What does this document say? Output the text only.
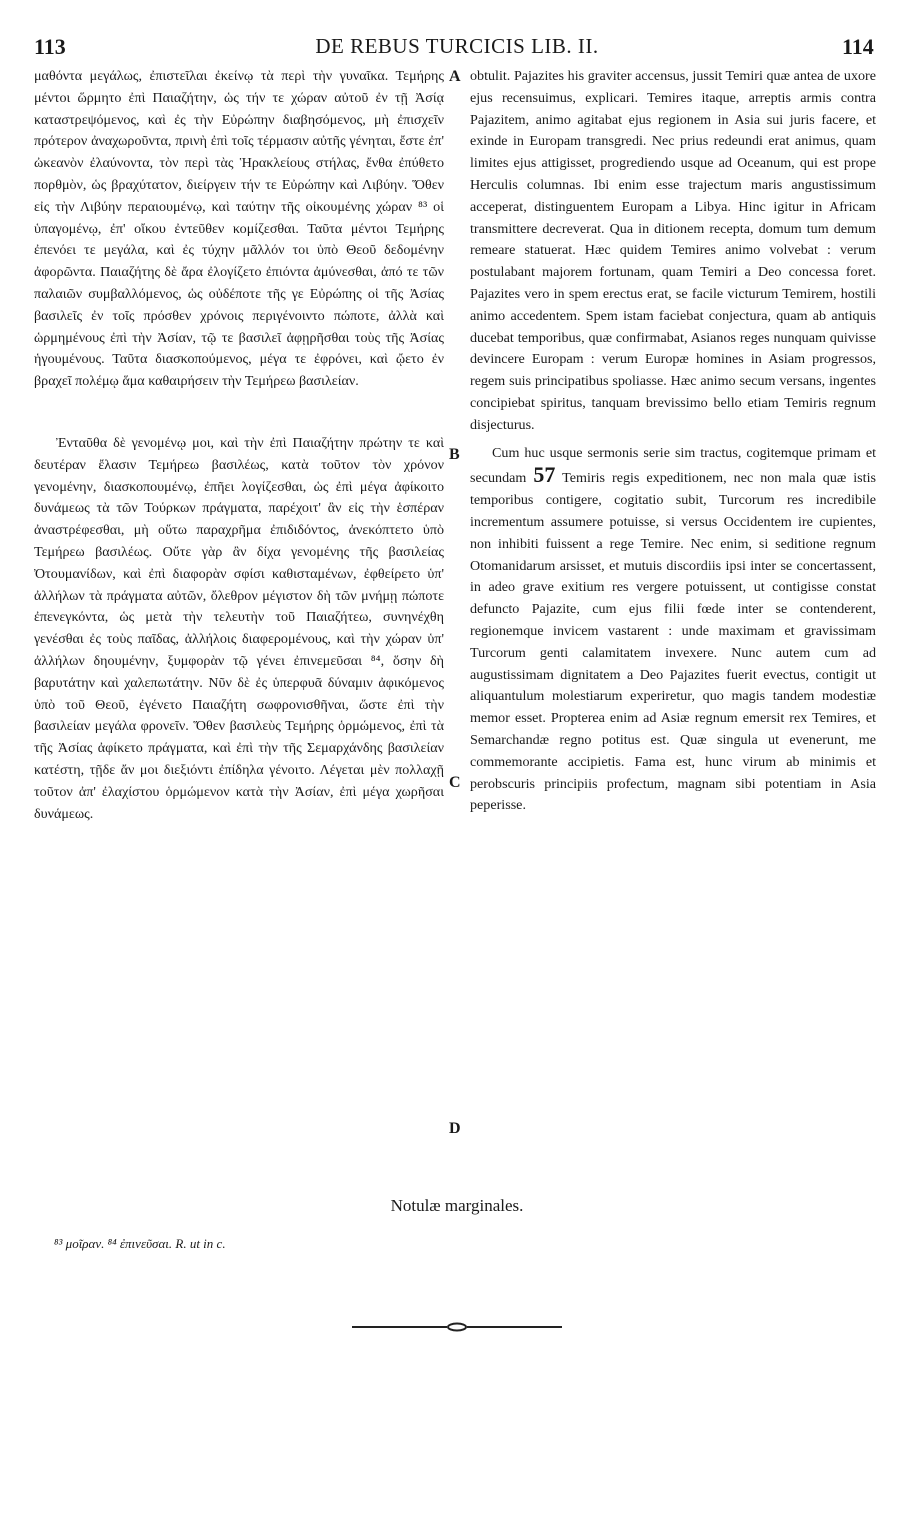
113	DE REBUS TURCICIS LIB. II.	114

μαθόντα μεγάλως, ἐπιστεῖλαι ἐκείνῳ τὰ περὶ τὴν γυναῖκα. Τεμήρης μέντοι ὥρμητο ἐπὶ Παιαζήτην, ὡς τήν τε χώραν αὐτοῦ ἐν τῇ Ἀσίᾳ καταστρεψόμενος, καὶ ἐς τὴν Εὐρώπην διαβησόμενος, μὴ ἐπισχεῖν πρότερον ἀναχωροῦντα, πρινὴ ἐπὶ τοῖς τέρμασιν αὐτῆς γένηται, ἔστε ἐπ' ὠκεανὸν ἐλαύνοντα, τὸν περὶ τὰς Ἡρακλείους στήλας, ἔνθα ἐπύθετο πορθμὸν, ὡς βραχύτατον, διείργειν τήν τε Εὐρώπην καὶ Λιβύην. Ὅθεν εἰς τὴν Λιβύην περαιουμένῳ, καὶ ταύτην τῆς οἰκουμένης χώραν ⁸³ οἱ ὑπαγομένῳ, ἐπ' οἴκου ἐντεῦθεν κομίζεσθαι. Ταῦτα μέντοι Τεμήρης ἐπενόει τε μεγάλα, καὶ ἐς τύχην μᾶλλόν τοι ὑπὸ Θεοῦ δεδομένην ἀφορῶντα. Παιαζήτης δὲ ἄρα ἐλογίζετο ἐπιόντα ἀμύνεσθαι, ἀπό τε τῶν παλαιῶν συμβαλλόμενος, ὡς οὐδέποτε τῆς γε Εὐρώπης οἱ τῆς Ἀσίας βασιλεῖς ἐν τοῖς πρόσθεν χρόνοις περιγένοιντο πώποτε, ἀλλὰ καὶ ὡρμημένους ἐπὶ τὴν Ἀσίαν, τῷ τε βασιλεῖ ἀφῃρῆσθαι τοὺς τῆς Ἀσίας ἡγουμένους. Ταῦτα διασκοπούμενος, μέγα τε ἐφρόνει, καὶ ᾤετο ἐν βραχεῖ πολέμῳ ἅμα καθαιρήσειν τὴν Τεμήρεω βασιλείαν.

Ἐνταῦθα δὲ γενομένῳ μοι, καὶ τὴν ἐπὶ Παιαζήτην πρώτην τε καὶ δευτέραν ἔλασιν Τεμήρεω βασιλέως, κατὰ τοῦτον τὸν χρόνον γενομένην, διασκοπουμένῳ, ἐπῆει λογίζεσθαι, ὡς ἐπὶ μέγα ἀφίκοιτο δυνάμεως τὰ τῶν Τούρκων πράγματα, παρέχοιτ' ἂν εἰς τὴν ἑσπέραν ἀναστρέφεσθαι, μὴ οὕτω παραχρῆμα ἐπιδιδόντος, ἀνεκόπτετο ὑπὸ Τεμήρεω βασιλέως. Οὔτε γὰρ ἂν δίχα γενομένης τῆς βασιλείας Ὀτουμανίδων, καὶ ἐπὶ διαφορὰν σφίσι καθισταμένων, ἐφθείρετο ὑπ' ἀλλήλων τὰ πράγματα αὐτῶν, ὄλεθρον μέγιστον δὴ τῶν μνήμῃ πώποτε ἐπενεγκόντα, ὡς μετὰ τὴν τελευτὴν τοῦ Παιαζήτεω, συνηνέχθη γενέσθαι ἐς τοὺς παῖδας, ἀλλήλοις διαφερομένους, καὶ τὴν χώραν ὑπ' ἀλλήλων δηουμένην, ξυμφορὰν τῷ γένει ἐπινεμεῦσαι ⁸⁴, ὅσην δὴ βαρυτάτην καὶ χαλεπωτάτην. Νῦν δὲ ἐς ὑπερφυᾶ δύναμιν ἀφικόμενος ὑπὸ τοῦ Θεοῦ, ἐγένετο Παιαζήτη σωφρονισθῆναι, ὥστε ἐπὶ τὴν βασιλείαν μεγάλα φρονεῖν. Ὅθεν βασιλεὺς Τεμήρης ὁρμώμενος, ἐπὶ τὰ τῆς Ἀσίας ἀφίκετο πράγματα, καὶ ἐπὶ τὴν τῆς Σεμαρχάνδης βασιλείαν κατέστη, τῇδε ἄν μοι διεξιόντι ἐπίδηλα γένοιτο. Λέγεται μὲν πολλαχῇ τοῦτον ἀπ' ἐλαχίστου ὁρμώμενον κατὰ τὴν Ἀσίαν, ἐπὶ μέγα χωρῆσαι δυνάμεως.

A
B
C
D

obtulit. Pajazites his graviter accensus, jussit Temiri quæ antea de uxore ejus recensuimus, explicari. Temires itaque, arreptis armis contra Pajazitem, animo agitabat ejus regionem in Asia sui juris facere, et exinde in Europam transgredi. Nec prius redeundi erat animus, quam limites ejus attigisset, progrediendo usque ad Oceanum, qui est prope Herculis columnas. Ibi enim esse trajectum maris angustissimum acceperat, distinguentem Europam a Libya. Hinc igitur in Africam transmittere decreverat. Qua in ditionem recepta, domum tum demum remeare statuerat. Hæc quidem Temires animo volvebat : verum postulabant majorem fortunam, quam Temiri a Deo concessa foret. Pajazites vero in spem erectus erat, se facile victurum Temirem, hostili animo accedentem. Spem istam faciebat conjectura, quam ab antiquis ducebat temporibus, quæ confirmabat, Asianos reges nunquam quivisse devincere Europam : verum Europæ homines in Asiam progressos, regem suis principatibus spoliasse. Hæc animo secum versans, ingentes concipiebat spiritus, tanquam brevissimo bello etiam Temiris regnum disjecturus.

Cum huc usque sermonis serie sim tractus, cogitemque primam et secundam 57 Temiris regis expeditionem, nec non mala quæ istis temporibus contigere, cogitatio subit, Turcorum res incredibile incrementum assumere potuisse, si versus Occidentem ire cupientes, non inhibiti fuissent a rege Temire. Nec enim, si seditione regnum Otomanidarum arsisset, et mutuis discordiis ipsi inter se concertassent, in adeo grave exitium res vergere potuissent, ut contigisse constat defuncto Pajazite, cum ejus filii fœde inter se contenderent, regionemque invicem vastarent : unde maximam et gravissimam Turcorum genti calamitatem invexere. Nunc autem cum ad augustissimam dignitatem a Deo Pajazites fuerit evectus, contigit ut aliquantulum molestiarum experiretur, quo magis tandem modestiæ memor esset. Propterea enim ad Asiæ regnum emersit rex Temires, et Semarchandæ regno potitus est. Quæ singula ut evenerunt, me commemorante accipietis. Fama est, hunc virum ab minimis et perobscuris principiis profectum, magnam sibi potentiam in Asia peperisse.

Notulæ marginales.
⁸³ μοῖραν. ⁸⁴ ἐπινεῦσαι. R. ut in c.
